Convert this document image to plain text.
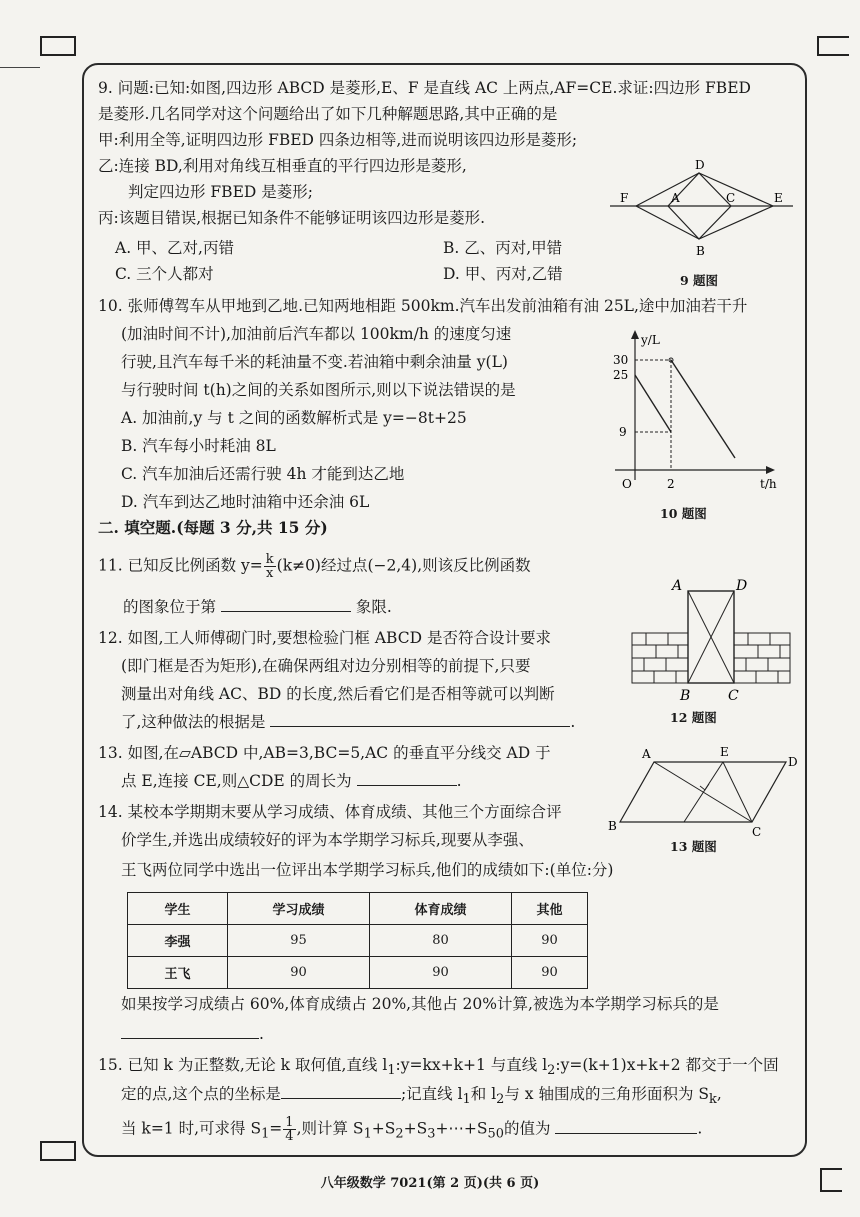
9. 问题:已知:如图,四边形 ABCD 是菱形,E、F 是直线 AC 上两点,AF=CE.求证:四边形 FBED
是菱形.几名同学对这个问题给出了如下几种解题思路,其中正确的是
甲:利用全等,证明四边形 FBED 四条边相等,进而说明该四边形是菱形;
乙:连接 BD,利用对角线互相垂直的平行四边形是菱形,
判定四边形 FBED 是菱形;
丙:该题目错误,根据已知条件不能够证明该四边形是菱形.
A. 甲、乙对,丙错	B. 乙、丙对,甲错
C. 三个人都对	D. 甲、丙对,乙错
D
F	A	C	E
B
9 题图
10. 张师傅驾车从甲地到乙地.已知两地相距 500km.汽车出发前油箱有油 25L,途中加油若干升
(加油时间不计),加油前后汽车都以 100km/h 的速度匀速
行驶,且汽车每千米的耗油量不变.若油箱中剩余油量 y(L)
与行驶时间 t(h)之间的关系如图所示,则以下说法错误的是
A. 加油前,y 与 t 之间的函数解析式是 y=−8t+25
B. 汽车每小时耗油 8L
C. 汽车加油后还需行驶 4h 才能到达乙地
D. 汽车到达乙地时油箱中还余油 6L
y/L
t/h
O
30
25
9
2
10 题图
二. 填空题.(每题 3 分,共 15 分)
11. 已知反比例函数 $y= \frac{k}{x} (k\ne 0)$经过点(−2,4),则该反比例函数
的图象位于第	象限.
12. 如图,工人师傅砌门时,要想检验门框 ABCD 是否符合设计要求
(即门框是否为矩形),在确保两组对边分别相等的前提下,只要
测量出对角线 AC、BD 的长度,然后看它们是否相等就可以判断
了,这种做法的根据是	.
A	D
B	C
12 题图
13. 如图,在▱ABCD 中,AB=3,BC=5,AC 的垂直平分线交 AD 于
点 E,连接 CE,则△CDE 的周长为	.
A	E
D
B	C
13 题图
14. 某校本学期期末要从学习成绩、体育成绩、其他三个方面综合评
价学生,并选出成绩较好的评为本学期学习标兵,现要从李强、
王飞两位同学中选出一位评出本学期学习标兵,他们的成绩如下:(单位:分)
学生	学习成绩	体育成绩	其他
李强	95	80	90
王飞	90	90	90
如果按学习成绩占 60%,体育成绩占 20%,其他占 20%计算,被选为本学期学习标兵的是
.
15. 已知 k 为正整数,无论 k 取何值,直线 $l_1:y=kx+k+1$ 与直线 $l_2:y=(k+1)x+k+2$ 都交于一个固
定的点,这个点的坐标是	;记直线 $l_1$和 $l_2$与 x 轴围成的三角形面积为 $S_k$,
当 k=1 时,可求得 $S_1= \frac{1}{4}$ ,则计算 $S_1+S_2+S_3+\cdots+S_{50}$的值为	.
八年级数学 7021(第 2 页)(共 6 页)
